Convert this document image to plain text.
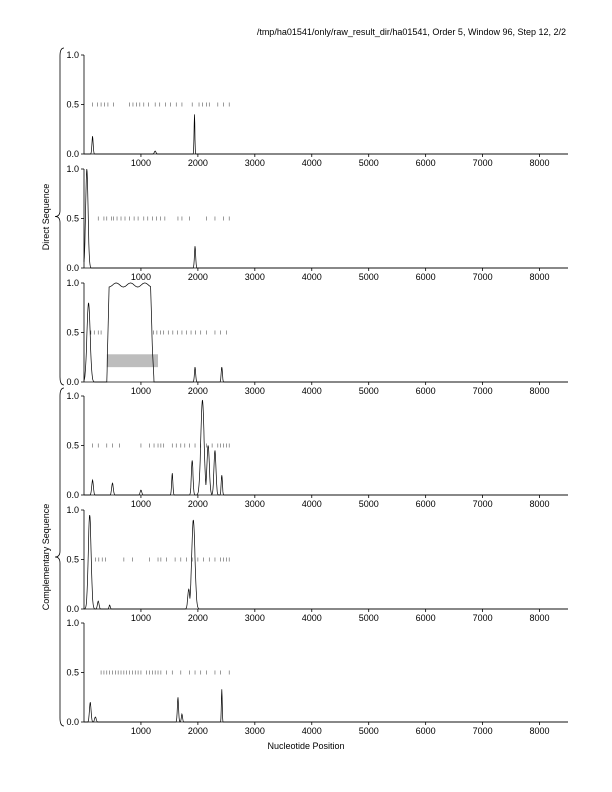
/tmp/ha01541/only/raw_result_dir/ha01541, Order 5, Window 96, Step 12, 2/2
0.0
0.5
1.0
1000	2000	3000	4000	5000	6000	7000	8000
0.0
0.5
1.0
1000	2000	3000	4000	5000	6000	7000	8000
0.0
0.5
1.0
1000	2000	3000	4000	5000	6000	7000	8000
0.0
0.5
1.0
1000	2000	3000	4000	5000	6000	7000	8000
0.0
0.5
1.0
1000	2000	3000	4000	5000	6000	7000	8000
0.0
0.5
1.0
1000	2000	3000	4000	5000	6000	7000	8000
Direct Sequence
Complementary Sequence
Nucleotide Position
